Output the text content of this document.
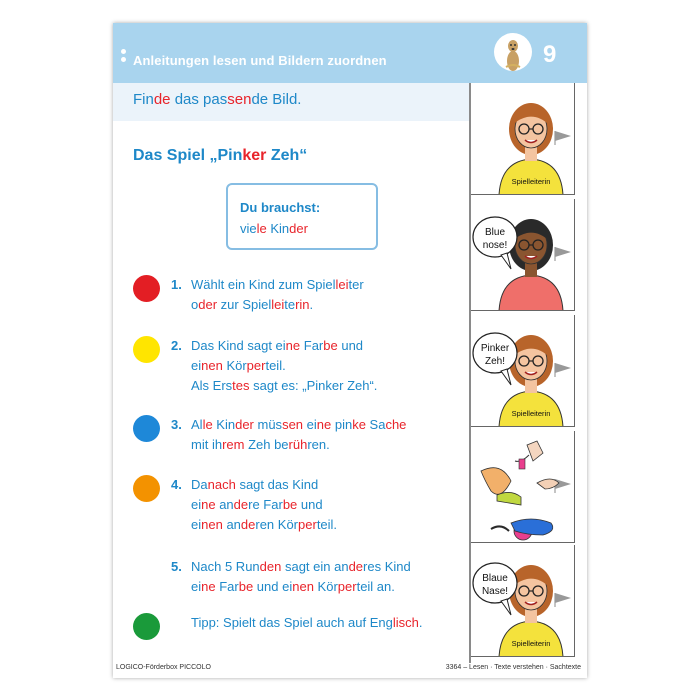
Anleitungen lesen und Bildern zuordnen	9
Finde das passende Bild.
Das Spiel „Pinker Zeh“
Du brauchst:
viele Kinder
1. Wählt ein Kind zum Spielleiter
oder zur Spielleiterin.
2. Das Kind sagt eine Farbe und
einen Körperteil.
Als Erstes sagt es: „Pinker Zeh“.
3. Alle Kinder müssen eine pinke Sache
mit ihrem Zeh berühren.
4. Danach sagt das Kind
eine andere Farbe und
einen anderen Körperteil.
5. Nach 5 Runden sagt ein anderes Kind
eine Farbe und einen Körperteil an.
Tipp: Spielt das Spiel auch auf Englisch.
Spielleiterin
Blue
nose!
Pinker
Zeh!
Spielleiterin
Blaue
Nase!
Spielleiterin
LOGICO-Förderbox PICCOLO	3364 – Lesen · Texte verstehen · Sachtexte
